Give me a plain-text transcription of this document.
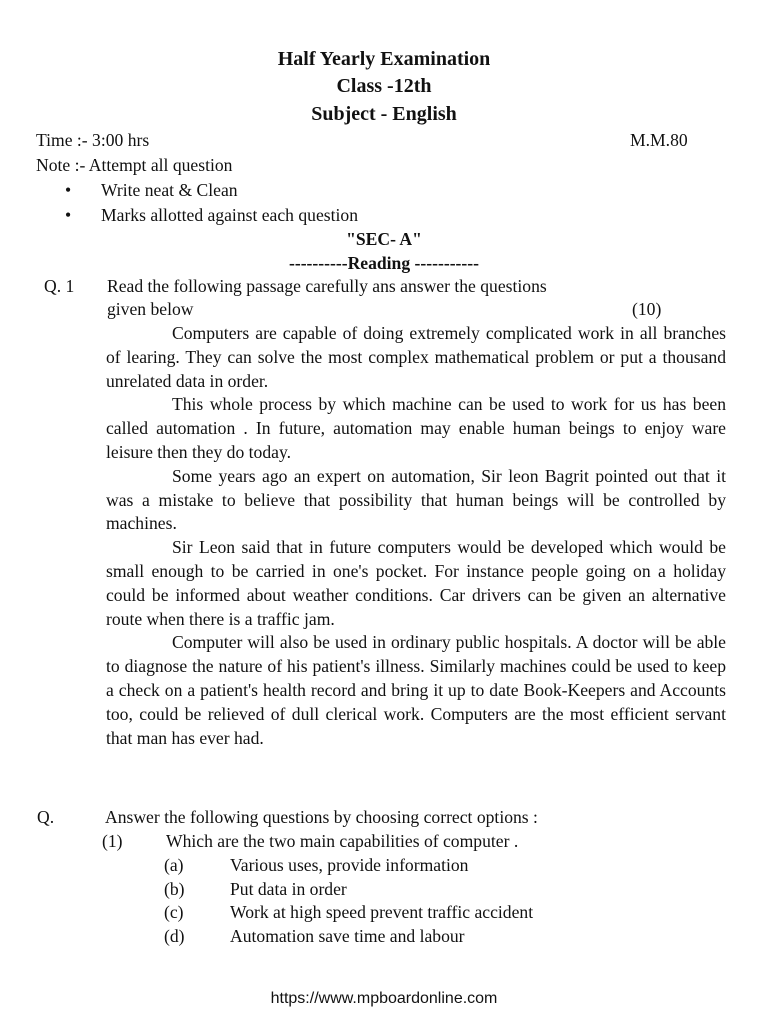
Half Yearly Examination
Class -12th
Subject - English
Time :- 3:00 hrs	M.M.80
Note :- Attempt all question
• Write neat & Clean
• Marks allotted against each question
"SEC- A"
----------Reading -----------
Q. 1 Read the following passage carefully ans answer the questions
given below	(10)

Computers are capable of doing extremely complicated work in all branches of learing. They can solve the most complex mathematical problem or put a thousand unrelated data in order.

This whole process by which machine can be used to work for us has been called automation . In future, automation may enable human beings to enjoy ware leisure then they do today.

Some years ago an expert on automation, Sir leon Bagrit pointed out that it was a mistake to believe that possibility that human beings will be controlled by machines.

Sir Leon said that in future computers would be developed which would be small enough to be carried in one's pocket. For instance people going on a holiday could be informed about weather conditions. Car drivers can be given an alternative route when there is a traffic jam.

Computer will also be used in ordinary public hospitals. A doctor will be able to diagnose the nature of his patient's illness. Similarly machines could be used to keep a check on a patient's health record and bring it up to date Book-Keepers and Accounts too, could be relieved of dull clerical work. Computers are the most efficient servant that man has ever had.

Q.	Answer the following questions by choosing correct options :
(1) Which are the two main capabilities of computer .
(a)	Various uses, provide information
(b)	Put data in order
(c)	Work at high speed prevent traffic accident
(d)	Automation save time and labour
https://www.mpboardonline.com
